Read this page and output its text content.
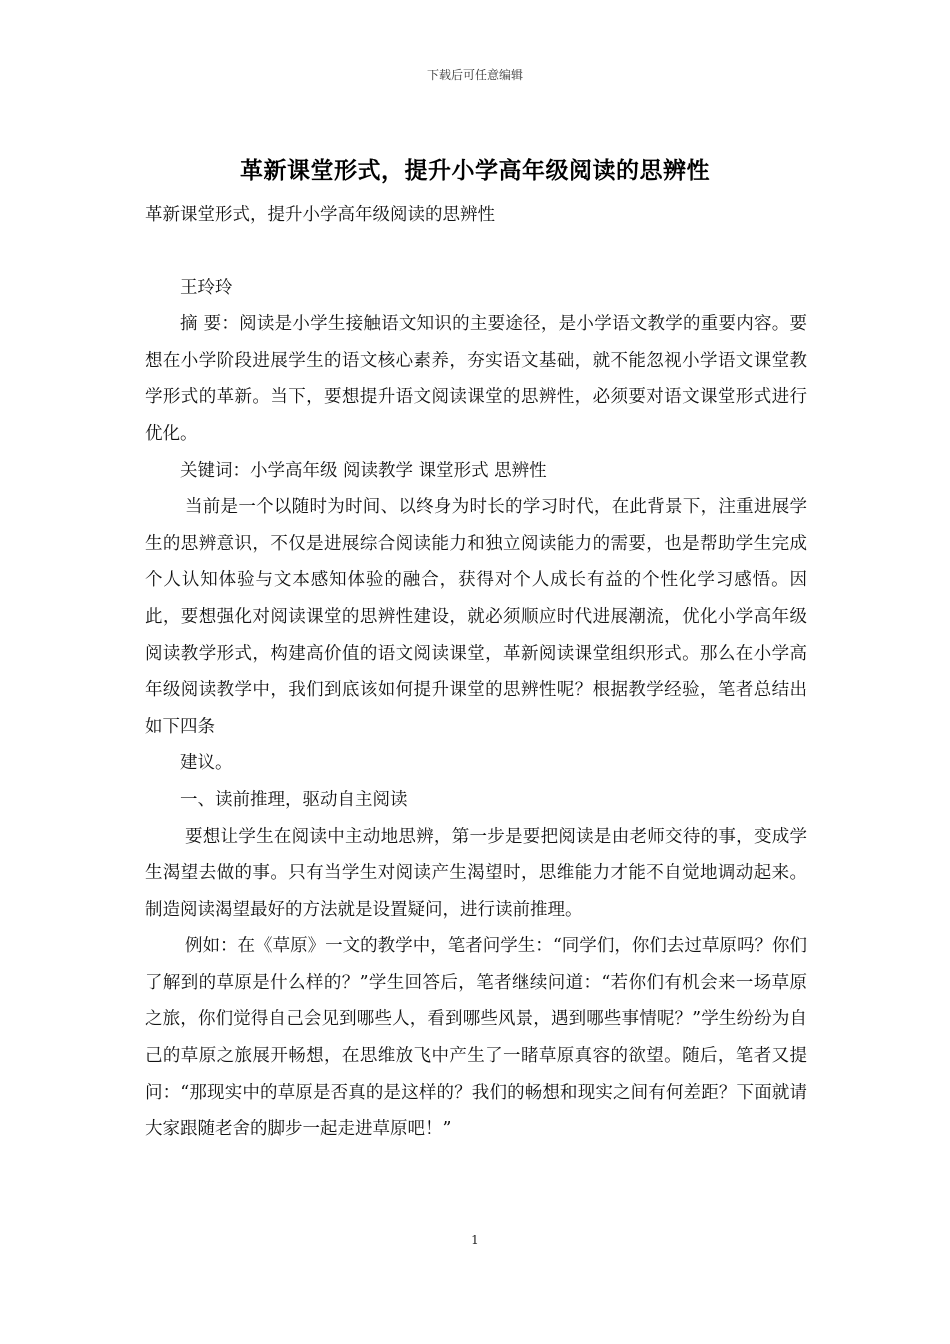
下载后可任意编辑
革新课堂形式，提升小学高年级阅读的思辨性

革新课堂形式，提升小学高年级阅读的思辨性

王玲玲

摘 要：阅读是小学生接触语文知识的主要途径，是小学语文教学的重要内容。要想在小学阶段进展学生的语文核心素养，夯实语文基础，就不能忽视小学语文课堂教学形式的革新。当下，要想提升语文阅读课堂的思辨性，必须要对语文课堂形式进行优化。

关键词：小学高年级 阅读教学 课堂形式 思辨性

当前是一个以随时为时间、以终身为时长的学习时代，在此背景下，注重进展学生的思辨意识，不仅是进展综合阅读能力和独立阅读能力的需要，也是帮助学生完成个人认知体验与文本感知体验的融合，获得对个人成长有益的个性化学习感悟。因此，要想强化对阅读课堂的思辨性建设，就必须顺应时代进展潮流，优化小学高年级阅读教学形式，构建高价值的语文阅读课堂，革新阅读课堂组织形式。那么在小学高年级阅读教学中，我们到底该如何提升课堂的思辨性呢？根据教学经验，笔者总结出如下四条

建议。

一、读前推理，驱动自主阅读

要想让学生在阅读中主动地思辨，第一步是要把阅读是由老师交待的事，变成学生渴望去做的事。只有当学生对阅读产生渴望时，思维能力才能不自觉地调动起来。制造阅读渴望最好的方法就是设置疑问，进行读前推理。

例如：在《草原》一文的教学中，笔者问学生：“同学们，你们去过草原吗？你们了解到的草原是什么样的？”学生回答后，笔者继续问道：“若你们有机会来一场草原之旅，你们觉得自己会见到哪些人，看到哪些风景，遇到哪些事情呢？”学生纷纷为自己的草原之旅展开畅想，在思维放飞中产生了一睹草原真容的欲望。随后，笔者又提问：“那现实中的草原是否真的是这样的？我们的畅想和现实之间有何差距？下面就请大家跟随老舍的脚步一起走进草原吧！”

1
